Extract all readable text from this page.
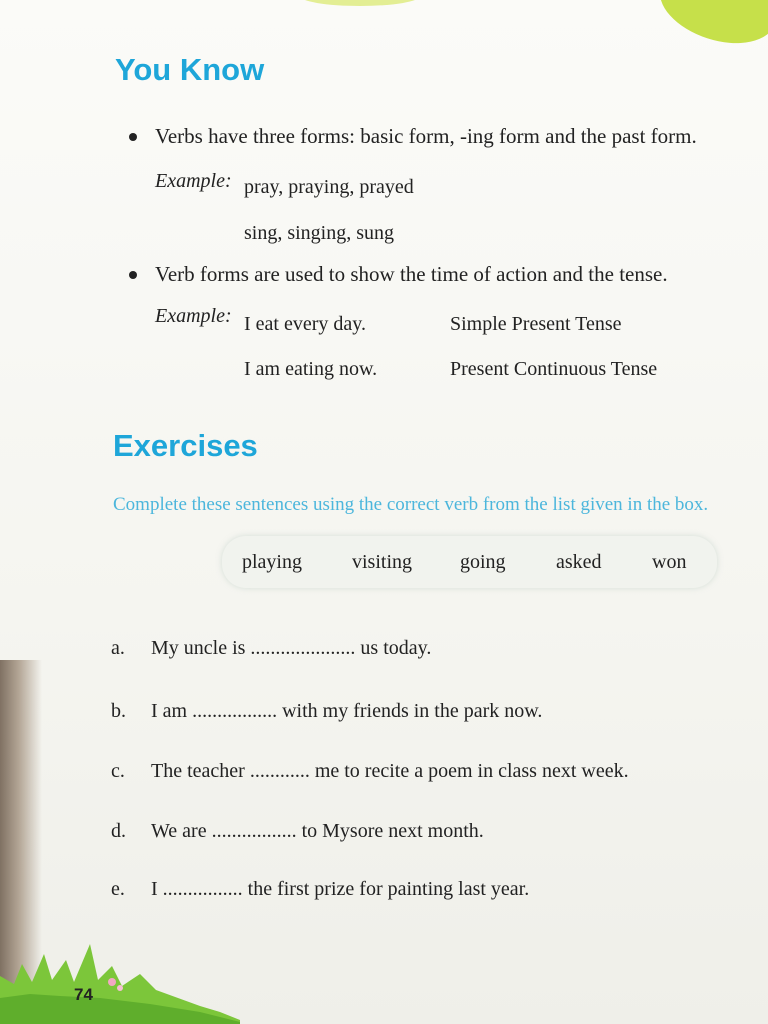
You Know
Verbs have three forms: basic form, -ing form and the past form.
Example: pray, praying, prayed
sing, singing, sung
Verb forms are used to show the time of action and the tense.
Example: I eat every day.	Simple Present Tense
I am eating now.	Present Continuous Tense
Exercises
Complete these sentences using the correct verb from the list given in the box.
playing	visiting going	asked	won
a. My uncle is ..................... us today.
b. I am ................. with my friends in the park now.
c. The teacher ............ me to recite a poem in class next week.
d. We are ................. to Mysore next month.
e. I ................ the first prize for painting last year.
74
